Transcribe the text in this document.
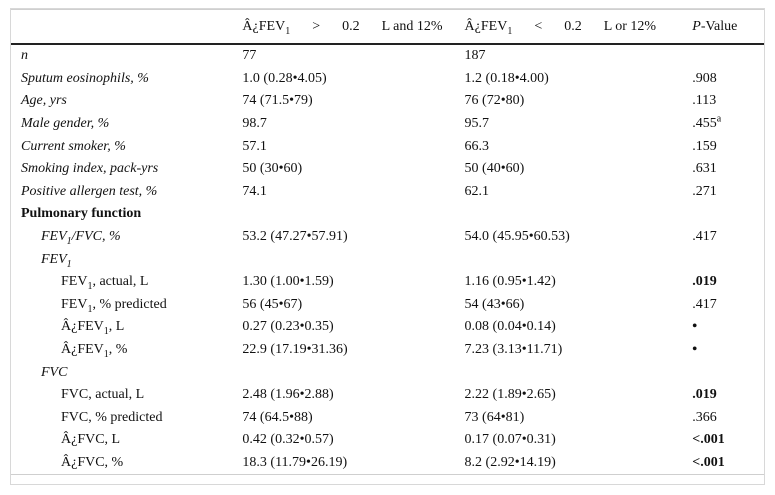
	$Â¿FEV_1 > 0.2$ L and 12%	$Â¿FEV_1 < 0.2$ L or 12%	P-Value
n	77	187	
Sputum eosinophils, %	1.0 (0.28•4.05)	1.2 (0.18•4.00)	.908
Age, yrs	74 (71.5•79)	76 (72•80)	.113
Male gender, %	98.7	95.7	.455$^a$
Current smoker, %	57.1	66.3	.159
Smoking index, pack-yrs	50 (30•60)	50 (40•60)	.631
Positive allergen test, %	74.1	62.1	.271
Pulmonary function			
$FEV_1$/FVC, %	53.2 (47.27•57.91)	54.0 (45.95•60.53)	.417
$FEV_1$			
$FEV_1$, actual, L	1.30 (1.00•1.59)	1.16 (0.95•1.42)	.019
$FEV_1$, % predicted	56 (45•67)	54 (43•66)	.417
$Â¿FEV_1$, L	0.27 (0.23•0.35)	0.08 (0.04•0.14)	•
$Â¿FEV_1$, %	22.9 (17.19•31.36)	7.23 (3.13•11.71)	•
FVC			
FVC, actual, L	2.48 (1.96•2.88)	2.22 (1.89•2.65)	.019
FVC, % predicted	74 (64.5•88)	73 (64•81)	.366
Â¿FVC, L	0.42 (0.32•0.57)	0.17 (0.07•0.31)	<.001
Â¿FVC, %	18.3 (11.79•26.19)	8.2 (2.92•14.19)	<.001
